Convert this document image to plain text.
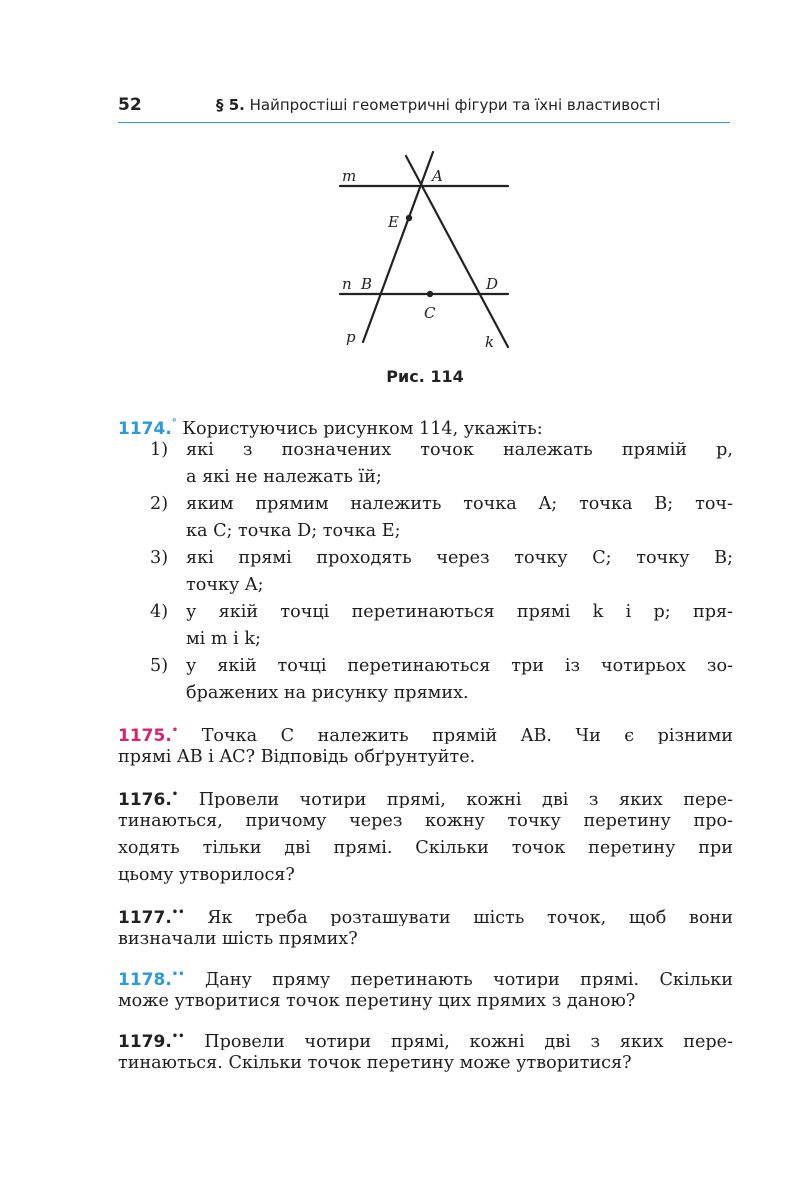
52	§ 5. Найпростіші геометричні фігури та їхні властивості
m	A
E
n B	D
C
p	k
Рис. 114
1174.° Користуючись рисунком 114, укажіть:
1)	які з позначених точок належать прямій p,
а які не належать їй;
2)	яким прямим належить точка A; точка B; точ-
ка C; точка D; точка E;
3)	які прямі проходять через точку C; точку B;
точку A;
4)	у якій точці перетинаються прямі k і p; пря-
мі m і k;
5)	у якій точці перетинаються три із чотирьох зо-
бражених на рисунку прямих.
1175.• Точка C належить прямій AB. Чи є різними
прямі AB і AC? Відповідь обґрунтуйте.
1176.• Провели чотири прямі, кожні дві з яких пере-
тинаються, причому через кожну точку перетину про-
ходять тільки дві прямі. Скільки точок перетину при
цьому утворилося?
1177.•• Як треба розташувати шість точок, щоб вони
визначали шість прямих?
1178.•• Дану пряму перетинають чотири прямі. Скільки
може утворитися точок перетину цих прямих з даною?
1179.•• Провели чотири прямі, кожні дві з яких пере-
тинаються. Скільки точок перетину може утворитися?
